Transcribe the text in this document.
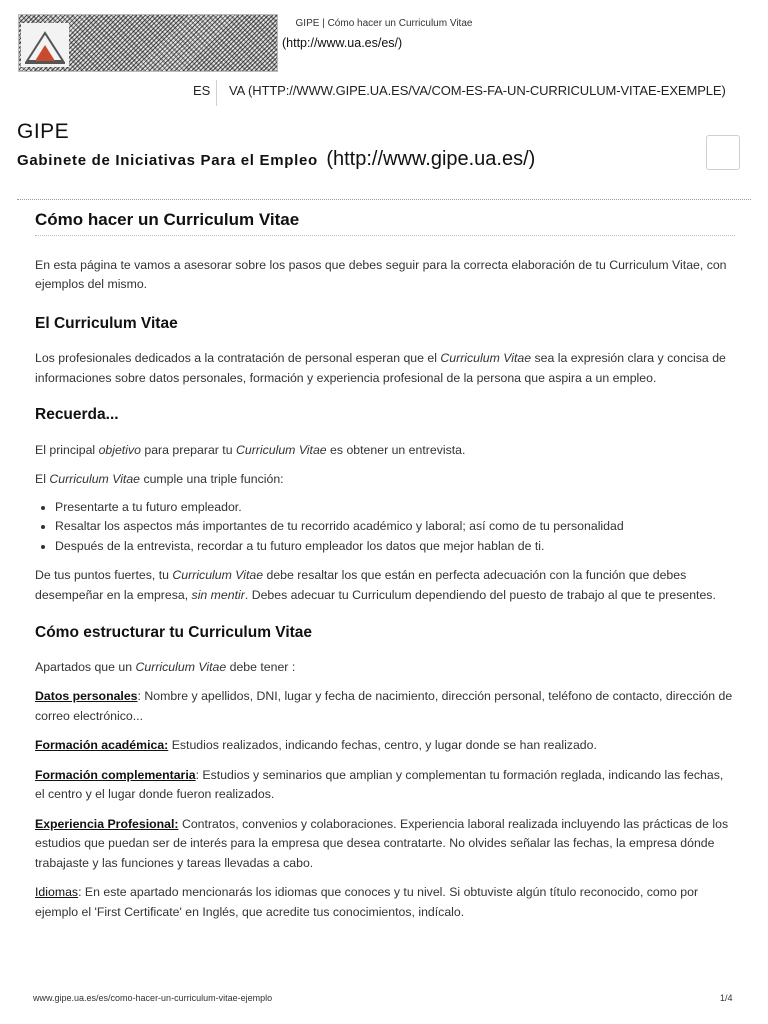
GIPE | Cómo hacer un Curriculum Vitae
(http://www.ua.es/es/)
ES VA (HTTP://WWW.GIPE.UA.ES/VA/COM-ES-FA-UN-CURRICULUM-VITAE-EXEMPLE)
GIPE
Gabinete de Iniciativas Para el Empleo (http://www.gipe.ua.es/)
Cómo hacer un Curriculum Vitae

En esta página te vamos a asesorar sobre los pasos que debes seguir para la correcta elaboración de tu Curriculum Vitae, con ejemplos del mismo.

El Curriculum Vitae

Los profesionales dedicados a la contratación de personal esperan que el Curriculum Vitae sea la expresión clara y concisa de informaciones sobre datos personales, formación y experiencia profesional de la persona que aspira a un empleo.

Recuerda...

El principal objetivo para preparar tu Curriculum Vitae es obtener un entrevista.

El Curriculum Vitae cumple una triple función:

• Presentarte a tu futuro empleador.
• Resaltar los aspectos más importantes de tu recorrido académico y laboral; así como de tu personalidad
• Después de la entrevista, recordar a tu futuro empleador los datos que mejor hablan de ti.

De tus puntos fuertes, tu Curriculum Vitae debe resaltar los que están en perfecta adecuación con la función que debes desempeñar en la empresa, sin mentir. Debes adecuar tu Curriculum dependiendo del puesto de trabajo al que te presentes.

Cómo estructurar tu Curriculum Vitae

Apartados que un Curriculum Vitae debe tener :

Datos personales: Nombre y apellidos, DNI, lugar y fecha de nacimiento, dirección personal, teléfono de contacto, dirección de correo electrónico...

Formación académica: Estudios realizados, indicando fechas, centro, y lugar donde se han realizado.

Formación complementaria: Estudios y seminarios que amplian y complementan tu formación reglada, indicando las fechas, el centro y el lugar donde fueron realizados.

Experiencia Profesional: Contratos, convenios y colaboraciones. Experiencia laboral realizada incluyendo las prácticas de los estudios que puedan ser de interés para la empresa que desea contratarte. No olvides señalar las fechas, la empresa dónde trabajaste y las funciones y tareas llevadas a cabo.

Idiomas: En este apartado mencionarás los idiomas que conoces y tu nivel. Si obtuviste algún título reconocido, como por ejemplo el 'First Certificate' en Inglés, que acredite tus conocimientos, indícalo.

www.gipe.ua.es/es/como-hacer-un-curriculum-vitae-ejemplo	1/4
